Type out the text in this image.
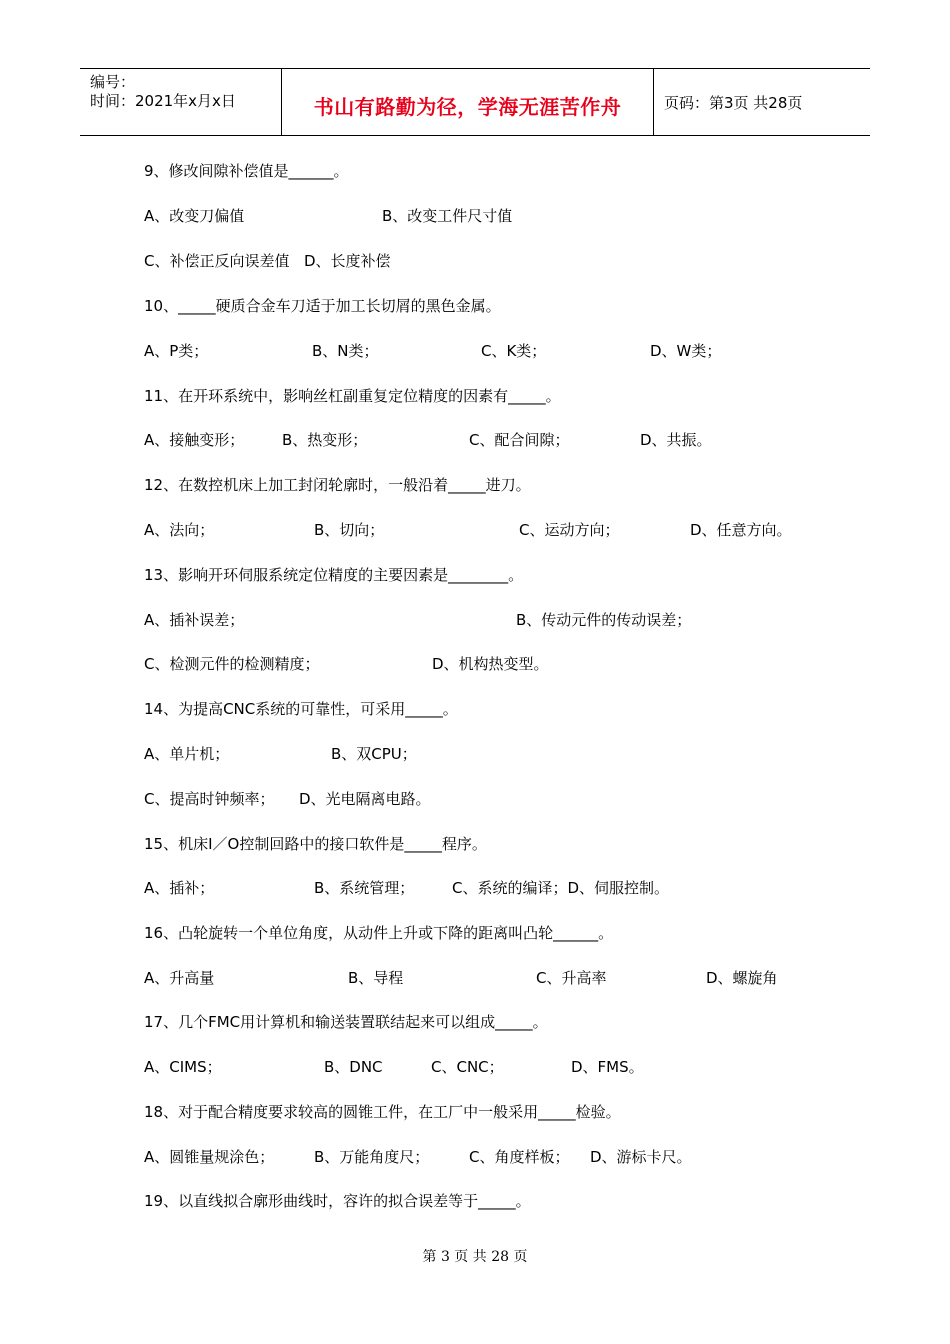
编号：
时间：2021年x月x日	书山有路勤为径，学海无涯苦作舟	页码：第3页 共28页
9、修改间隙补偿值是______。
A、改变刀偏值	B、改变工件尺寸值
C、补偿正反向误差值 D、长度补偿
10、_____硬质合金车刀适于加工长切屑的黑色金属。
A、P类；	B、N类；	C、K类；	D、W类；
11、在开环系统中，影响丝杠副重复定位精度的因素有_____。
A、接触变形；	B、热变形；	C、配合间隙；	D、共振。
12、在数控机床上加工封闭轮廓时，一般沿着_____进刀。
A、法向；	B、切向；	C、运动方向；	D、任意方向。
13、影响开环伺服系统定位精度的主要因素是________。
A、插补误差；	B、传动元件的传动误差；
C、检测元件的检测精度；	D、机构热变型。
14、为提高CNC系统的可靠性，可采用_____。
A、单片机；	B、双CPU；
C、提高时钟频率； D、光电隔离电路。
15、机床I／O控制回路中的接口软件是_____程序。
A、插补；	B、系统管理；	C、系统的编译；D、伺服控制。
16、凸轮旋转一个单位角度，从动件上升或下降的距离叫凸轮______。
A、升高量	B、导程	C、升高率	D、螺旋角
17、几个FMC用计算机和输送装置联结起来可以组成_____。
A、CIMS；	B、DNC	C、CNC；	D、FMS。
18、对于配合精度要求较高的圆锥工件，在工厂中一般采用_____检验。
A、圆锥量规涂色；	B、万能角度尺；	C、角度样板； D、游标卡尺。
19、以直线拟合廓形曲线时，容许的拟合误差等于_____。
第 3 页 共 28 页
